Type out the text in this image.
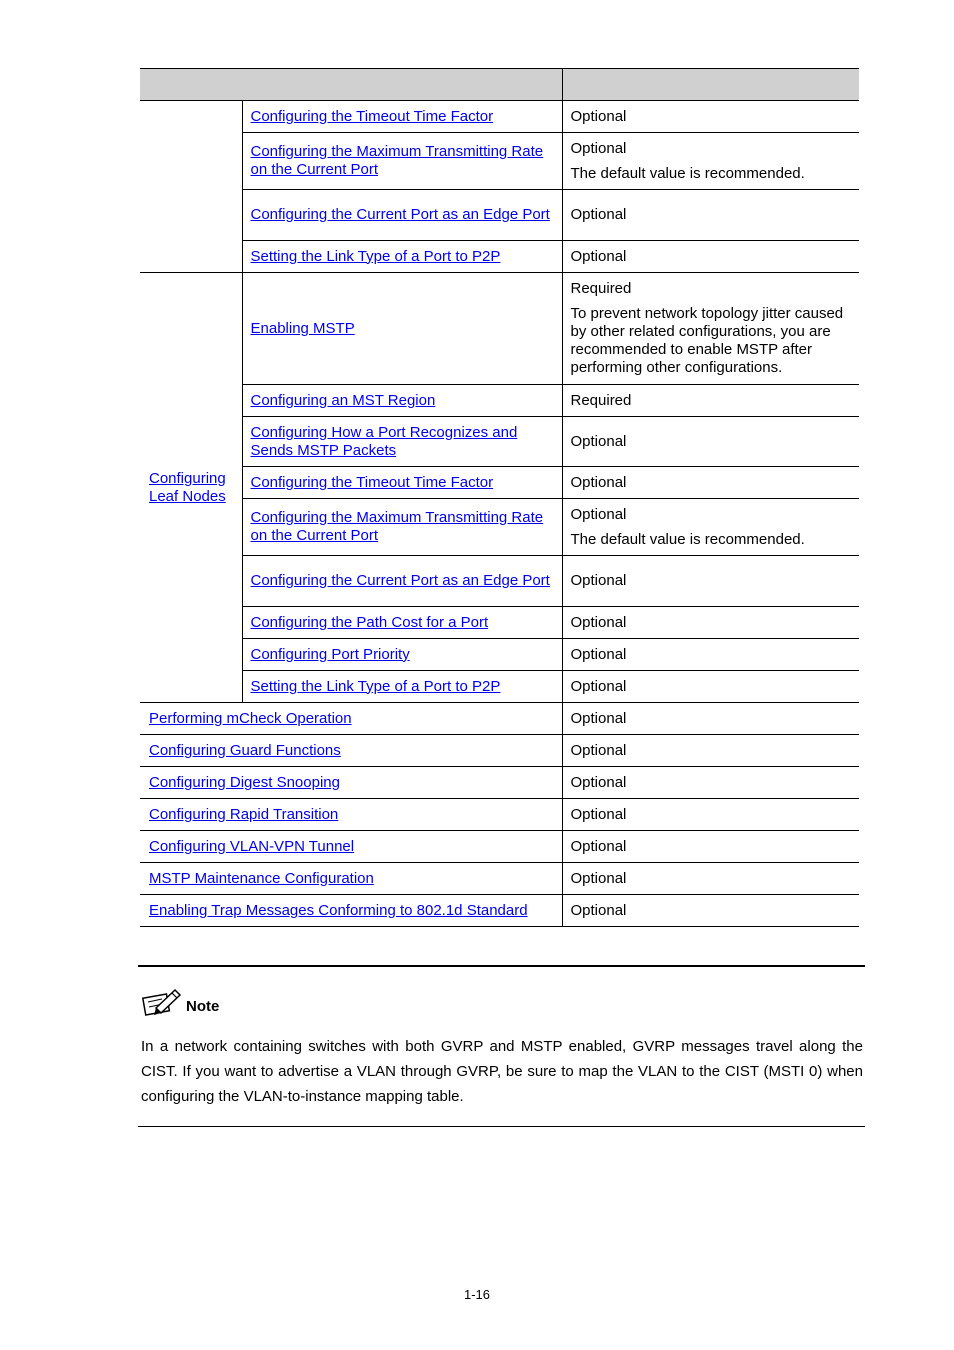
	Configuring the Timeout Time Factor	Optional

	Configuring the Maximum Transmitting Rate on the Current Port	Optional
The default value is recommended.

	Configuring the Current Port as an Edge Port	Optional

	Setting the Link Type of a Port to P2P	Optional

Configuring Leaf Nodes	Enabling MSTP	Required
To prevent network topology jitter caused by other related configurations, you are recommended to enable MSTP after performing other configurations.

	Configuring an MST Region	Required

	Configuring How a Port Recognizes and Sends MSTP Packets	Optional

	Configuring the Timeout Time Factor	Optional

	Configuring the Maximum Transmitting Rate on the Current Port	Optional
The default value is recommended.

	Configuring the Current Port as an Edge Port	Optional

	Configuring the Path Cost for a Port	Optional

	Configuring Port Priority	Optional

	Setting the Link Type of a Port to P2P	Optional

Performing mCheck Operation		Optional

Configuring Guard Functions		Optional

Configuring Digest Snooping		Optional

Configuring Rapid Transition		Optional

Configuring VLAN-VPN Tunnel		Optional

MSTP Maintenance Configuration		Optional

Enabling Trap Messages Conforming to 802.1d Standard		Optional
Note
In a network containing switches with both GVRP and MSTP enabled, GVRP messages travel along the CIST. If you want to advertise a VLAN through GVRP, be sure to map the VLAN to the CIST (MSTI 0) when configuring the VLAN-to-instance mapping table.
1-16
